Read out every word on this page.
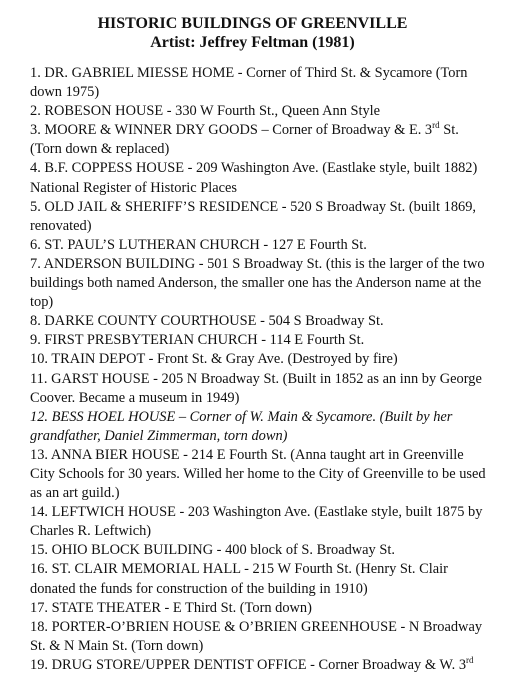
HISTORIC BUILDINGS OF GREENVILLE
Artist: Jeffrey Feltman (1981)

1. DR. GABRIEL MIESSE HOME - Corner of Third St. & Sycamore (Torn down 1975)

2. ROBESON HOUSE - 330 W Fourth St., Queen Ann Style

3. MOORE & WINNER DRY GOODS – Corner of Broadway & E. 3rd St. (Torn down & replaced)

4. B.F. COPPESS HOUSE - 209 Washington Ave. (Eastlake style, built 1882) National Register of Historic Places

5. OLD JAIL & SHERIFF’S RESIDENCE - 520 S Broadway St. (built 1869, renovated)

6. ST. PAUL’S LUTHERAN CHURCH - 127 E Fourth St.

7. ANDERSON BUILDING - 501 S Broadway St. (this is the larger of the two buildings both named Anderson, the smaller one has the Anderson name at the top)

8. DARKE COUNTY COURTHOUSE - 504 S Broadway St.

9. FIRST PRESBYTERIAN CHURCH - 114 E Fourth St.

10. TRAIN DEPOT - Front St. & Gray Ave. (Destroyed by fire)

11. GARST HOUSE - 205 N Broadway St. (Built in 1852 as an inn by George Coover. Became a museum in 1949)

12. BESS HOEL HOUSE – Corner of W. Main & Sycamore. (Built by her grandfather, Daniel Zimmerman, torn down)

13. ANNA BIER HOUSE - 214 E Fourth St. (Anna taught art in Greenville City Schools for 30 years. Willed her home to the City of Greenville to be used as an art guild.)

14. LEFTWICH HOUSE - 203 Washington Ave. (Eastlake style, built 1875 by Charles R. Leftwich)

15. OHIO BLOCK BUILDING - 400 block of S. Broadway St.

16. ST. CLAIR MEMORIAL HALL - 215 W Fourth St. (Henry St. Clair donated the funds for construction of the building in 1910)

17. STATE THEATER - E Third St. (Torn down)

18. PORTER-O’BRIEN HOUSE & O’BRIEN GREENHOUSE - N Broadway St. & N Main St. (Torn down)

19. DRUG STORE/UPPER DENTIST OFFICE - Corner Broadway & W. 3rd
